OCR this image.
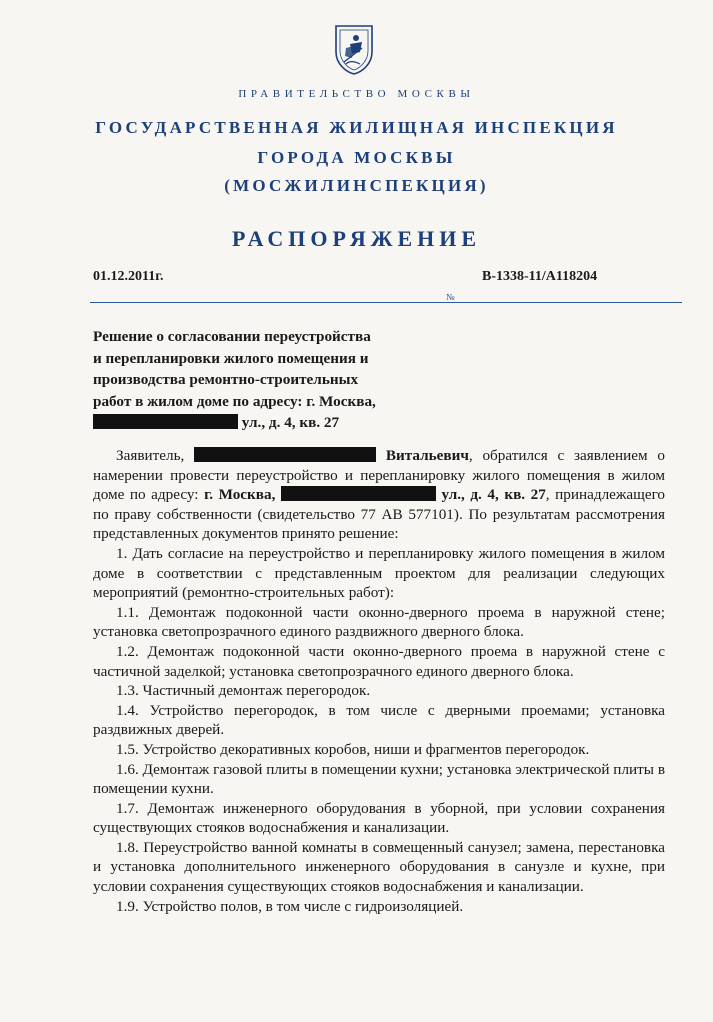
ПРАВИТЕЛЬСТВО МОСКВЫ
ГОСУДАРСТВЕННАЯ ЖИЛИЩНАЯ ИНСПЕКЦИЯ
ГОРОДА МОСКВЫ
(МОСЖИЛИНСПЕКЦИЯ)
РАСПОРЯЖЕНИЕ
01.12.2011г.	В-1338-11/А118204
№
Решение о согласовании переустройства
и перепланировки жилого помещения и
производства ремонтно-строительных
работ в жилом доме по адресу: г. Москва,
ул., д. 4, кв. 27

Заявитель,	Витальевич, обратился с заявлением о намерении провести переустройство и перепланировку жилого помещения в жилом доме по адресу: г. Москва,	ул., д. 4, кв. 27, принадлежащего по праву собственности (свидетельство 77 АВ 577101). По результатам рассмотрения представленных документов принято решение:

1. Дать согласие на переустройство и перепланировку жилого помещения в жилом доме в соответствии с представленным проектом для реализации следующих мероприятий (ремонтно-строительных работ):

1.1. Демонтаж подоконной части оконно-дверного проема в наружной стене; установка светопрозрачного единого раздвижного дверного блока.

1.2. Демонтаж подоконной части оконно-дверного проема в наружной стене с частичной заделкой; установка светопрозрачного единого дверного блока.

1.3. Частичный демонтаж перегородок.

1.4. Устройство перегородок, в том числе с дверными проемами; установка раздвижных дверей.

1.5. Устройство декоративных коробов, ниши и фрагментов перегородок.

1.6. Демонтаж газовой плиты в помещении кухни; установка электрической плиты в помещении кухни.

1.7. Демонтаж инженерного оборудования в уборной, при условии сохранения существующих стояков водоснабжения и канализации.

1.8. Переустройство ванной комнаты в совмещенный санузел; замена, перестановка и установка дополнительного инженерного оборудования в санузле и кухне, при условии сохранения существующих стояков водоснабжения и канализации.

1.9. Устройство полов, в том числе с гидроизоляцией.
